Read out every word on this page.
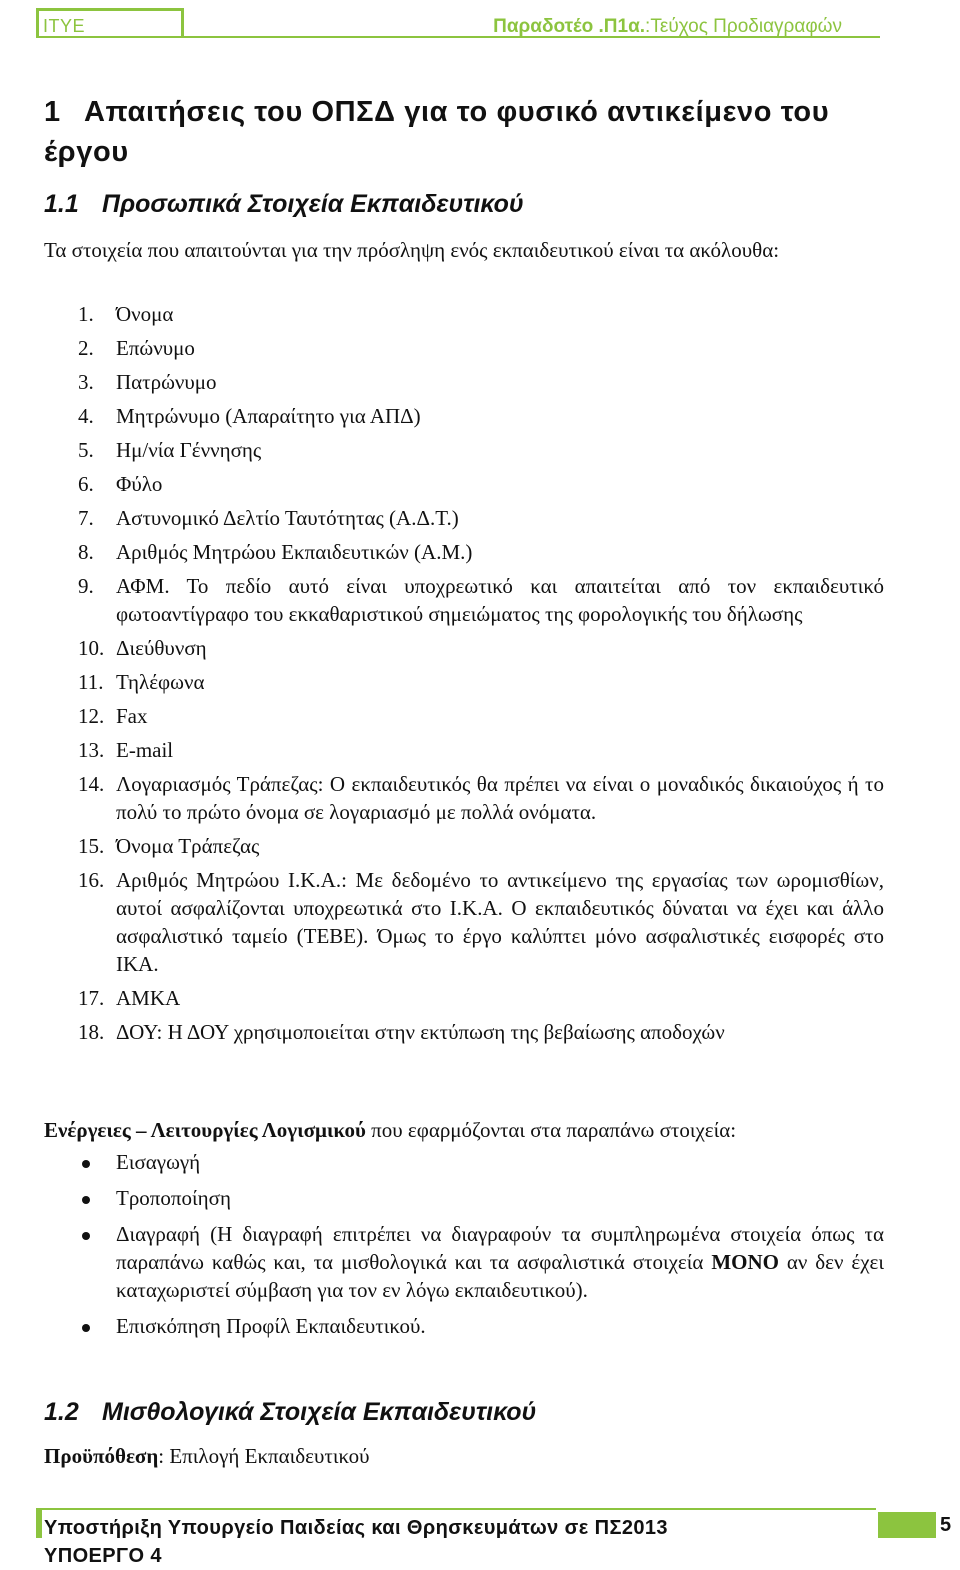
ΙΤΥΕ	Παραδοτέο .Π1α.:Τεύχος Προδιαγραφών
1 Απαιτήσεις του ΟΠΣΔ για το φυσικό αντικείμενο του έργου
1.1 Προσωπικά Στοιχεία Εκπαιδευτικού
Τα στοιχεία που απαιτούνται για την πρόσληψη ενός εκπαιδευτικού είναι τα ακόλουθα:
1. Όνομα
2. Επώνυμο
3. Πατρώνυμο
4. Μητρώνυμο (Απαραίτητο για ΑΠΔ)
5. Ημ/νία Γέννησης
6. Φύλο
7. Αστυνομικό Δελτίο Ταυτότητας (Α.Δ.Τ.)
8. Αριθμός Μητρώου Εκπαιδευτικών (Α.Μ.)
9. ΑΦΜ. Το πεδίο αυτό είναι υποχρεωτικό και απαιτείται από τον εκπαιδευτικό φωτοαντίγραφο του εκκαθαριστικού σημειώματος της φορολογικής του δήλωσης
10. Διεύθυνση
11. Τηλέφωνα
12. Fax
13. E-mail
14. Λογαριασμός Τράπεζας: Ο εκπαιδευτικός θα πρέπει να είναι ο μοναδικός δικαιούχος ή το πολύ το πρώτο όνομα σε λογαριασμό με πολλά ονόματα.
15. Όνομα Τράπεζας
16. Αριθμός Μητρώου Ι.Κ.Α.: Με δεδομένο το αντικείμενο της εργασίας των ωρομισθίων, αυτοί ασφαλίζονται υποχρεωτικά στο Ι.Κ.Α. Ο εκπαιδευτικός δύναται να έχει και άλλο ασφαλιστικό ταμείο (ΤΕΒΕ). Όμως το έργο καλύπτει μόνο ασφαλιστικές εισφορές στο ΙΚΑ.
17. ΑΜΚΑ
18. ΔΟΥ: Η ΔΟΥ χρησιμοποιείται στην εκτύπωση της βεβαίωσης αποδοχών
Ενέργειες – Λειτουργίες Λογισμικού που εφαρμόζονται στα παραπάνω στοιχεία:
Εισαγωγή
Τροποποίηση
Διαγραφή (Η διαγραφή επιτρέπει να διαγραφούν τα συμπληρωμένα στοιχεία όπως τα παραπάνω καθώς και, τα μισθολογικά και τα ασφαλιστικά στοιχεία ΜΟΝΟ αν δεν έχει καταχωριστεί σύμβαση για τον εν λόγω εκπαιδευτικού).
Επισκόπηση Προφίλ Εκπαιδευτικού.
1.2 Μισθολογικά Στοιχεία Εκπαιδευτικού
Προϋπόθεση: Επιλογή Εκπαιδευτικού
Υποστήριξη Υπουργείο Παιδείας και Θρησκευμάτων σε ΠΣ2013
ΥΠΟΕΡΓΟ 4
5
